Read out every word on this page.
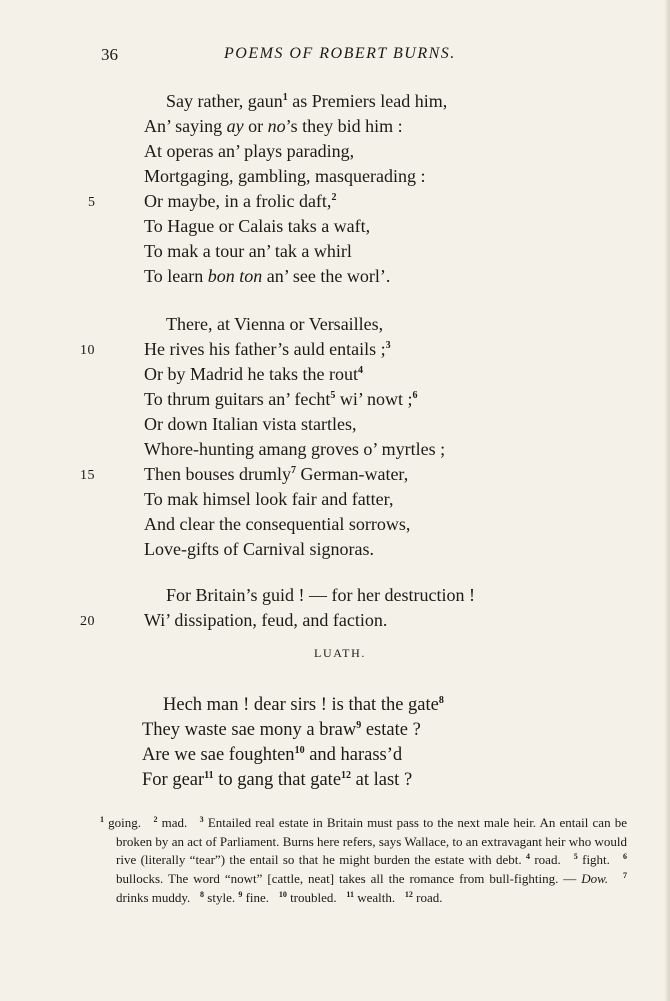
36	POEMS OF ROBERT BURNS.
Say rather, gaun$^1$ as Premiers lead him,
An’ saying ay or no’s they bid him :
At operas an’ plays parading,
Mortgaging, gambling, masquerading :
5	Or maybe, in a frolic daft,$^2$
To Hague or Calais taks a waft,
To mak a tour an’ tak a whirl
To learn bon ton an’ see the worl’.
There, at Vienna or Versailles,
10	He rives his father’s auld entails ;$^3$
Or by Madrid he taks the rout$^4$
To thrum guitars an’ fecht$^5$ wi’ nowt ;$^6$
Or down Italian vista startles,
Whore-hunting amang groves o’ myrtles ;
15	Then bouses drumly$^7$ German-water,
To mak himsel look fair and fatter,
And clear the consequential sorrows,
Love-gifts of Carnival signoras.
For Britain’s guid ! — for her destruction !
20	Wi’ dissipation, feud, and faction.
LUATH.
Hech man ! dear sirs ! is that the gate$^8$
They waste sae mony a braw$^9$ estate ?
Are we sae foughten$^{10}$ and harass’d
For gear$^{11}$ to gang that gate$^{12}$ at last ?
$^1$ going. $^2$ mad. $^3$ Entailed real estate in Britain must pass to the next male heir. An entail can be broken by an act of Parliament. Burns here refers, says Wallace, to an extravagant heir who would rive (literally “tear”) the entail so that he might burden the estate with debt. $^4$ road. $^5$ fight. $^6$ bullocks. The word “nowt” [cattle, neat] takes all the romance from bull-fighting. — Dow. $^7$ drinks muddy. $^8$ style. $^9$ fine. $^{10}$ troubled. $^{11}$ wealth. $^{12}$ road.
